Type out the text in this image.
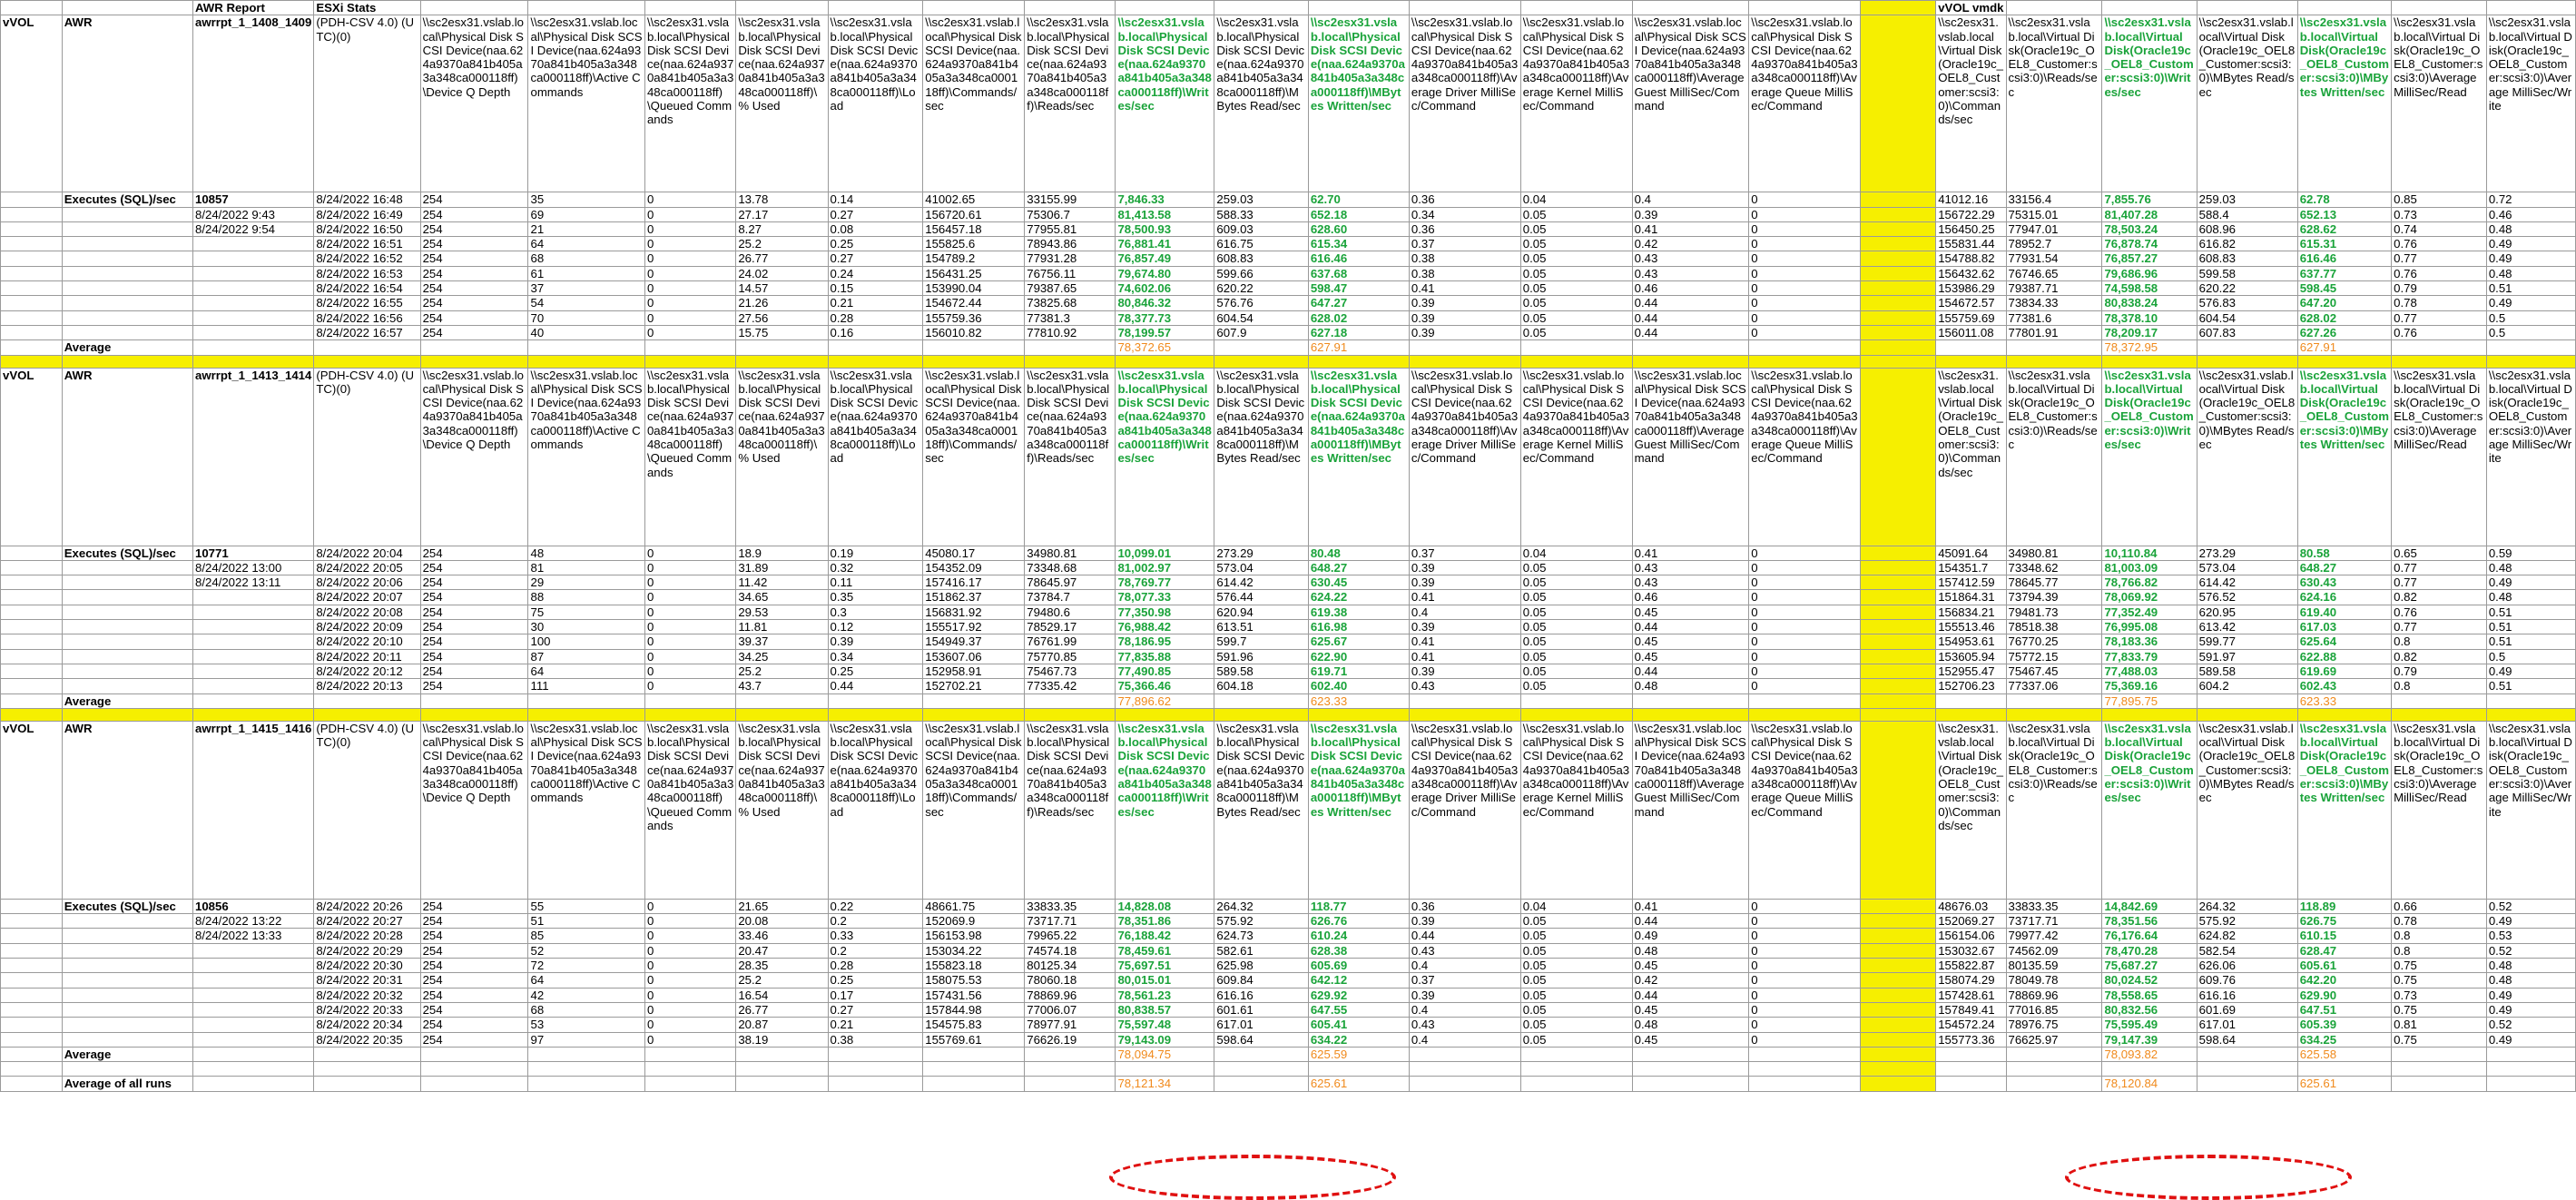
		AWR Report	ESXi Stats																vVOL vmdk						
vVOL	AWR	awrrpt_1_1408_1409	(PDH-CSV 4.0) (UTC)(0)	\\sc2esx31.vslab.local\Physical Disk SCSI Device(naa.624a9370a841b405a3a348ca000118ff)\Device Q Depth	\\sc2esx31.vslab.local\Physical Disk SCSI Device(naa.624a9370a841b405a3a348ca000118ff)\Active Commands	\\sc2esx31.vslab.local\Physical Disk SCSI Device(naa.624a9370a841b405a3a348ca000118ff)\Queued Commands	\\sc2esx31.vslab.local\Physical Disk SCSI Device(naa.624a9370a841b405a3a348ca000118ff)\% Used	\\sc2esx31.vslab.local\Physical Disk SCSI Device(naa.624a9370a841b405a3a348ca000118ff)\Load	\\sc2esx31.vslab.local\Physical Disk SCSI Device(naa.624a9370a841b405a3a348ca000118ff)\Commands/sec	\\sc2esx31.vslab.local\Physical Disk SCSI Device(naa.624a9370a841b405a3a348ca000118ff)\Reads/sec	\\sc2esx31.vslab.local\Physical Disk SCSI Device(naa.624a9370a841b405a3a348ca000118ff)\Writes/sec	\\sc2esx31.vslab.local\Physical Disk SCSI Device(naa.624a9370a841b405a3a348ca000118ff)\MBytes Read/sec	\\sc2esx31.vslab.local\Physical Disk SCSI Device(naa.624a9370a841b405a3a348ca000118ff)\MBytes Written/sec	\\sc2esx31.vslab.local\Physical Disk SCSI Device(naa.624a9370a841b405a3a348ca000118ff)\Average Driver MilliSec/Command	\\sc2esx31.vslab.local\Physical Disk SCSI Device(naa.624a9370a841b405a3a348ca000118ff)\Average Kernel MilliSec/Command	\\sc2esx31.vslab.local\Physical Disk SCSI Device(naa.624a9370a841b405a3a348ca000118ff)\Average Guest MilliSec/Command	\\sc2esx31.vslab.local\Physical Disk SCSI Device(naa.624a9370a841b405a3a348ca000118ff)\Average Queue MilliSec/Command		\\sc2esx31.vslab.local\Virtual Disk(Oracle19c_OEL8_Customer:scsi3:0)\Commands/sec	\\sc2esx31.vslab.local\Virtual Disk(Oracle19c_OEL8_Customer:scsi3:0)\Reads/sec	\\sc2esx31.vslab.local\Virtual Disk(Oracle19c_OEL8_Customer:scsi3:0)\Writes/sec	\\sc2esx31.vslab.local\Virtual Disk(Oracle19c_OEL8_Customer:scsi3:0)\MBytes Read/sec	\\sc2esx31.vslab.local\Virtual Disk(Oracle19c_OEL8_Customer:scsi3:0)\MBytes Written/sec	\\sc2esx31.vslab.local\Virtual Disk(Oracle19c_OEL8_Customer:scsi3:0)\Average MilliSec/Read	\\sc2esx31.vslab.local\Virtual Disk(Oracle19c_OEL8_Customer:scsi3:0)\Average MilliSec/Write
	Executes (SQL)/sec	10857	8/24/2022 16:48	254	35	0	13.78	0.14	41002.65	33155.99	7,846.33	259.03	62.70	0.36	0.04	0.4	0		41012.16	33156.4	7,855.76	259.03	62.78	0.85	0.72
		8/24/2022 9:43	8/24/2022 16:49	254	69	0	27.17	0.27	156720.61	75306.7	81,413.58	588.33	652.18	0.34	0.05	0.39	0		156722.29	75315.01	81,407.28	588.4	652.13	0.73	0.46
		8/24/2022 9:54	8/24/2022 16:50	254	21	0	8.27	0.08	156457.18	77955.81	78,500.93	609.03	628.60	0.36	0.05	0.41	0		156450.25	77947.01	78,503.24	608.96	628.62	0.74	0.48
			8/24/2022 16:51	254	64	0	25.2	0.25	155825.6	78943.86	76,881.41	616.75	615.34	0.37	0.05	0.42	0		155831.44	78952.7	76,878.74	616.82	615.31	0.76	0.49
			8/24/2022 16:52	254	68	0	26.77	0.27	154789.2	77931.28	76,857.49	608.83	616.46	0.38	0.05	0.43	0		154788.82	77931.54	76,857.27	608.83	616.46	0.77	0.49
			8/24/2022 16:53	254	61	0	24.02	0.24	156431.25	76756.11	79,674.80	599.66	637.68	0.38	0.05	0.43	0		156432.62	76746.65	79,686.96	599.58	637.77	0.76	0.48
			8/24/2022 16:54	254	37	0	14.57	0.15	153990.04	79387.65	74,602.06	620.22	598.47	0.41	0.05	0.46	0		153986.29	79387.71	74,598.58	620.22	598.45	0.79	0.51
			8/24/2022 16:55	254	54	0	21.26	0.21	154672.44	73825.68	80,846.32	576.76	647.27	0.39	0.05	0.44	0		154672.57	73834.33	80,838.24	576.83	647.20	0.78	0.49
			8/24/2022 16:56	254	70	0	27.56	0.28	155759.36	77381.3	78,377.73	604.54	628.02	0.39	0.05	0.44	0		155759.69	77381.6	78,378.10	604.54	628.02	0.77	0.5
			8/24/2022 16:57	254	40	0	15.75	0.16	156010.82	77810.92	78,199.57	607.9	627.18	0.39	0.05	0.44	0		156011.08	77801.91	78,209.17	607.83	627.26	0.76	0.5
	Average										78,372.65		627.91								78,372.95		627.91		

vVOL	AWR	awrrpt_1_1413_1414	(PDH-CSV 4.0) (UTC)(0)	\\sc2esx31.vslab.local\Physical Disk SCSI Device(naa.624a9370a841b405a3a348ca000118ff)\Device Q Depth	\\sc2esx31.vslab.local\Physical Disk SCSI Device(naa.624a9370a841b405a3a348ca000118ff)\Active Commands	\\sc2esx31.vslab.local\Physical Disk SCSI Device(naa.624a9370a841b405a3a348ca000118ff)\Queued Commands	\\sc2esx31.vslab.local\Physical Disk SCSI Device(naa.624a9370a841b405a3a348ca000118ff)\% Used	\\sc2esx31.vslab.local\Physical Disk SCSI Device(naa.624a9370a841b405a3a348ca000118ff)\Load	\\sc2esx31.vslab.local\Physical Disk SCSI Device(naa.624a9370a841b405a3a348ca000118ff)\Commands/sec	\\sc2esx31.vslab.local\Physical Disk SCSI Device(naa.624a9370a841b405a3a348ca000118ff)\Reads/sec	\\sc2esx31.vslab.local\Physical Disk SCSI Device(naa.624a9370a841b405a3a348ca000118ff)\Writes/sec	\\sc2esx31.vslab.local\Physical Disk SCSI Device(naa.624a9370a841b405a3a348ca000118ff)\MBytes Read/sec	\\sc2esx31.vslab.local\Physical Disk SCSI Device(naa.624a9370a841b405a3a348ca000118ff)\MBytes Written/sec	\\sc2esx31.vslab.local\Physical Disk SCSI Device(naa.624a9370a841b405a3a348ca000118ff)\Average Driver MilliSec/Command	\\sc2esx31.vslab.local\Physical Disk SCSI Device(naa.624a9370a841b405a3a348ca000118ff)\Average Kernel MilliSec/Command	\\sc2esx31.vslab.local\Physical Disk SCSI Device(naa.624a9370a841b405a3a348ca000118ff)\Average Guest MilliSec/Command	\\sc2esx31.vslab.local\Physical Disk SCSI Device(naa.624a9370a841b405a3a348ca000118ff)\Average Queue MilliSec/Command		\\sc2esx31.vslab.local\Virtual Disk(Oracle19c_OEL8_Customer:scsi3:0)\Commands/sec	\\sc2esx31.vslab.local\Virtual Disk(Oracle19c_OEL8_Customer:scsi3:0)\Reads/sec	\\sc2esx31.vslab.local\Virtual Disk(Oracle19c_OEL8_Customer:scsi3:0)\Writes/sec	\\sc2esx31.vslab.local\Virtual Disk(Oracle19c_OEL8_Customer:scsi3:0)\MBytes Read/sec	\\sc2esx31.vslab.local\Virtual Disk(Oracle19c_OEL8_Customer:scsi3:0)\MBytes Written/sec	\\sc2esx31.vslab.local\Virtual Disk(Oracle19c_OEL8_Customer:scsi3:0)\Average MilliSec/Read	\\sc2esx31.vslab.local\Virtual Disk(Oracle19c_OEL8_Customer:scsi3:0)\Average MilliSec/Write
	Executes (SQL)/sec	10771	8/24/2022 20:04	254	48	0	18.9	0.19	45080.17	34980.81	10,099.01	273.29	80.48	0.37	0.04	0.41	0		45091.64	34980.81	10,110.84	273.29	80.58	0.65	0.59
		8/24/2022 13:00	8/24/2022 20:05	254	81	0	31.89	0.32	154352.09	73348.68	81,002.97	573.04	648.27	0.39	0.05	0.43	0		154351.7	73348.62	81,003.09	573.04	648.27	0.77	0.48
		8/24/2022 13:11	8/24/2022 20:06	254	29	0	11.42	0.11	157416.17	78645.97	78,769.77	614.42	630.45	0.39	0.05	0.43	0		157412.59	78645.77	78,766.82	614.42	630.43	0.77	0.49
			8/24/2022 20:07	254	88	0	34.65	0.35	151862.37	73784.7	78,077.33	576.44	624.22	0.41	0.05	0.46	0		151864.31	73794.39	78,069.92	576.52	624.16	0.82	0.48
			8/24/2022 20:08	254	75	0	29.53	0.3	156831.92	79480.6	77,350.98	620.94	619.38	0.4	0.05	0.45	0		156834.21	79481.73	77,352.49	620.95	619.40	0.76	0.51
			8/24/2022 20:09	254	30	0	11.81	0.12	155517.92	78529.17	76,988.42	613.51	616.98	0.39	0.05	0.44	0		155513.46	78518.38	76,995.08	613.42	617.03	0.77	0.51
			8/24/2022 20:10	254	100	0	39.37	0.39	154949.37	76761.99	78,186.95	599.7	625.67	0.41	0.05	0.45	0		154953.61	76770.25	78,183.36	599.77	625.64	0.8	0.51
			8/24/2022 20:11	254	87	0	34.25	0.34	153607.06	75770.85	77,835.88	591.96	622.90	0.41	0.05	0.45	0		153605.94	75772.15	77,833.79	591.97	622.88	0.82	0.5
			8/24/2022 20:12	254	64	0	25.2	0.25	152958.91	75467.73	77,490.85	589.58	619.71	0.39	0.05	0.44	0		152955.47	75467.45	77,488.03	589.58	619.69	0.79	0.49
			8/24/2022 20:13	254	111	0	43.7	0.44	152702.21	77335.42	75,366.46	604.18	602.40	0.43	0.05	0.48	0		152706.23	77337.06	75,369.16	604.2	602.43	0.8	0.51
	Average										77,896.62		623.33								77,895.75		623.33		

vVOL	AWR	awrrpt_1_1415_1416	(PDH-CSV 4.0) (UTC)(0)	\\sc2esx31.vslab.local\Physical Disk SCSI Device(naa.624a9370a841b405a3a348ca000118ff)\Device Q Depth	\\sc2esx31.vslab.local\Physical Disk SCSI Device(naa.624a9370a841b405a3a348ca000118ff)\Active Commands	\\sc2esx31.vslab.local\Physical Disk SCSI Device(naa.624a9370a841b405a3a348ca000118ff)\Queued Commands	\\sc2esx31.vslab.local\Physical Disk SCSI Device(naa.624a9370a841b405a3a348ca000118ff)\% Used	\\sc2esx31.vslab.local\Physical Disk SCSI Device(naa.624a9370a841b405a3a348ca000118ff)\Load	\\sc2esx31.vslab.local\Physical Disk SCSI Device(naa.624a9370a841b405a3a348ca000118ff)\Commands/sec	\\sc2esx31.vslab.local\Physical Disk SCSI Device(naa.624a9370a841b405a3a348ca000118ff)\Reads/sec	\\sc2esx31.vslab.local\Physical Disk SCSI Device(naa.624a9370a841b405a3a348ca000118ff)\Writes/sec	\\sc2esx31.vslab.local\Physical Disk SCSI Device(naa.624a9370a841b405a3a348ca000118ff)\MBytes Read/sec	\\sc2esx31.vslab.local\Physical Disk SCSI Device(naa.624a9370a841b405a3a348ca000118ff)\MBytes Written/sec	\\sc2esx31.vslab.local\Physical Disk SCSI Device(naa.624a9370a841b405a3a348ca000118ff)\Average Driver MilliSec/Command	\\sc2esx31.vslab.local\Physical Disk SCSI Device(naa.624a9370a841b405a3a348ca000118ff)\Average Kernel MilliSec/Command	\\sc2esx31.vslab.local\Physical Disk SCSI Device(naa.624a9370a841b405a3a348ca000118ff)\Average Guest MilliSec/Command	\\sc2esx31.vslab.local\Physical Disk SCSI Device(naa.624a9370a841b405a3a348ca000118ff)\Average Queue MilliSec/Command		\\sc2esx31.vslab.local\Virtual Disk(Oracle19c_OEL8_Customer:scsi3:0)\Commands/sec	\\sc2esx31.vslab.local\Virtual Disk(Oracle19c_OEL8_Customer:scsi3:0)\Reads/sec	\\sc2esx31.vslab.local\Virtual Disk(Oracle19c_OEL8_Customer:scsi3:0)\Writes/sec	\\sc2esx31.vslab.local\Virtual Disk(Oracle19c_OEL8_Customer:scsi3:0)\MBytes Read/sec	\\sc2esx31.vslab.local\Virtual Disk(Oracle19c_OEL8_Customer:scsi3:0)\MBytes Written/sec	\\sc2esx31.vslab.local\Virtual Disk(Oracle19c_OEL8_Customer:scsi3:0)\Average MilliSec/Read	\\sc2esx31.vslab.local\Virtual Disk(Oracle19c_OEL8_Customer:scsi3:0)\Average MilliSec/Write
	Executes (SQL)/sec	10856	8/24/2022 20:26	254	55	0	21.65	0.22	48661.75	33833.35	14,828.08	264.32	118.77	0.36	0.04	0.41	0		48676.03	33833.35	14,842.69	264.32	118.89	0.66	0.52
		8/24/2022 13:22	8/24/2022 20:27	254	51	0	20.08	0.2	152069.9	73717.71	78,351.86	575.92	626.76	0.39	0.05	0.44	0		152069.27	73717.71	78,351.56	575.92	626.75	0.78	0.49
		8/24/2022 13:33	8/24/2022 20:28	254	85	0	33.46	0.33	156153.98	79965.22	76,188.42	624.73	610.24	0.44	0.05	0.49	0		156154.06	79977.42	76,176.64	624.82	610.15	0.8	0.53
			8/24/2022 20:29	254	52	0	20.47	0.2	153034.22	74574.18	78,459.61	582.61	628.38	0.43	0.05	0.48	0		153032.67	74562.09	78,470.28	582.54	628.47	0.8	0.52
			8/24/2022 20:30	254	72	0	28.35	0.28	155823.18	80125.34	75,697.51	625.98	605.69	0.4	0.05	0.45	0		155822.87	80135.59	75,687.27	626.06	605.61	0.75	0.48
			8/24/2022 20:31	254	64	0	25.2	0.25	158075.53	78060.18	80,015.01	609.84	642.12	0.37	0.05	0.42	0		158074.29	78049.78	80,024.52	609.76	642.20	0.75	0.48
			8/24/2022 20:32	254	42	0	16.54	0.17	157431.56	78869.96	78,561.23	616.16	629.92	0.39	0.05	0.44	0		157428.61	78869.96	78,558.65	616.16	629.90	0.73	0.49
			8/24/2022 20:33	254	68	0	26.77	0.27	157844.98	77006.07	80,838.57	601.61	647.55	0.4	0.05	0.45	0		157849.41	77016.85	80,832.56	601.69	647.51	0.75	0.49
			8/24/2022 20:34	254	53	0	20.87	0.21	154575.83	78977.91	75,597.48	617.01	605.41	0.43	0.05	0.48	0		154572.24	78976.75	75,595.49	617.01	605.39	0.81	0.52
			8/24/2022 20:35	254	97	0	38.19	0.38	155769.61	76626.19	79,143.09	598.64	634.22	0.4	0.05	0.45	0		155773.36	76625.97	79,147.39	598.64	634.25	0.75	0.49
	Average										78,094.75		625.59								78,093.82		625.58		

	Average of all runs										78,121.34		625.61								78,120.84		625.61		
